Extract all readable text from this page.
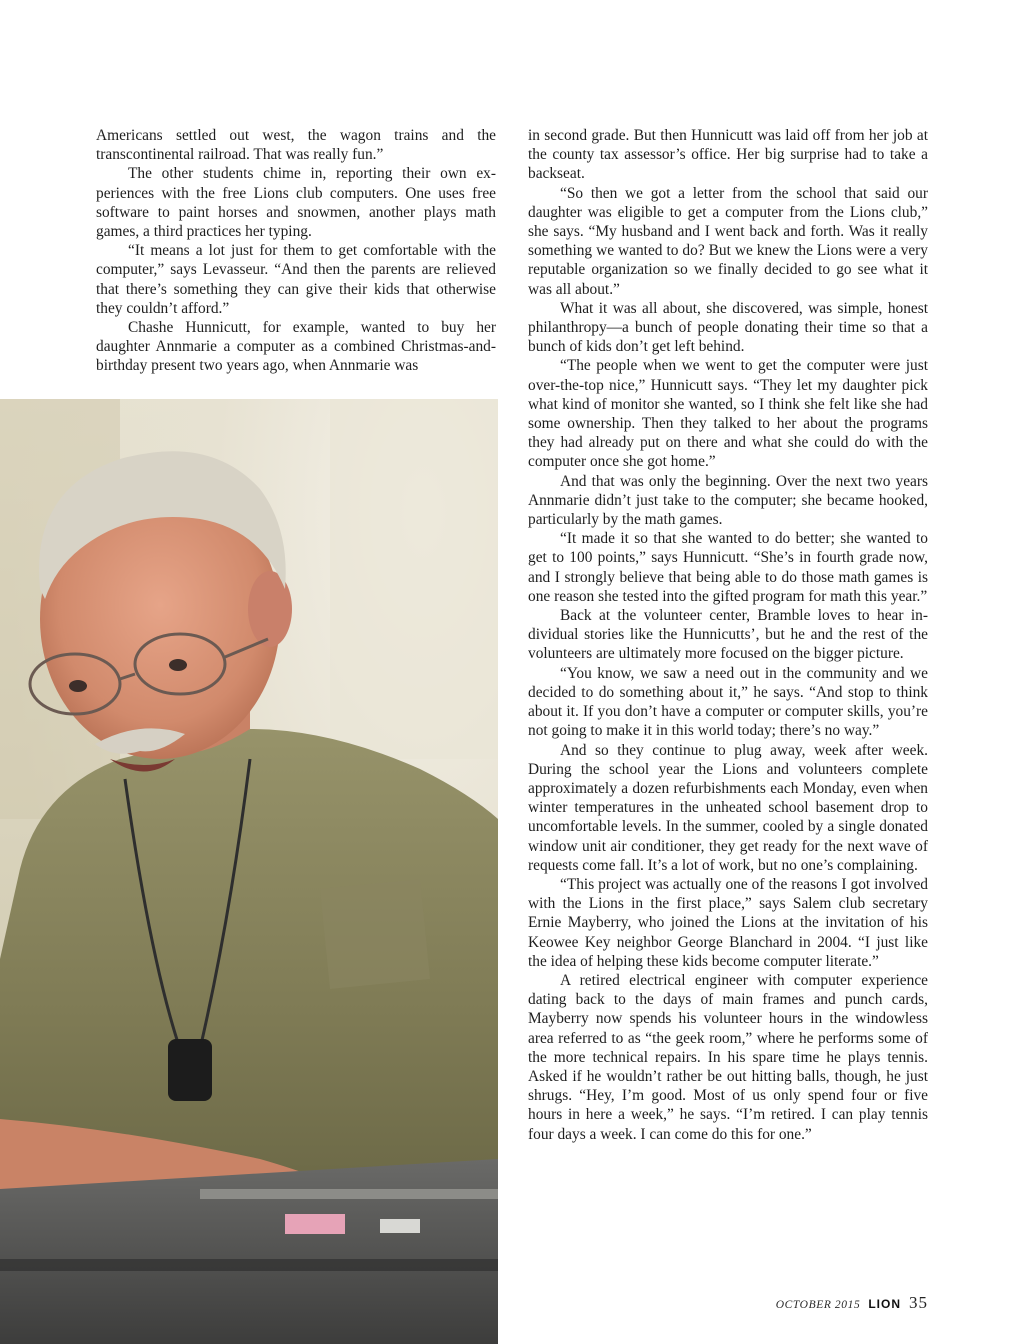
Americans settled out west, the wagon trains and the transcontinental railroad. That was really fun.”

The other students chime in, reporting their own experiences with the free Lions club computers. One uses free software to paint horses and snowmen, another plays math games, a third practices her typing.

“It means a lot just for them to get comfortable with the computer,” says Levasseur. “And then the parents are relieved that there’s something they can give their kids that otherwise they couldn’t afford.”

Chashe Hunnicutt, for example, wanted to buy her daughter Annmarie a computer as a combined Christmas-and-birthday present two years ago, when Annmarie was

in second grade. But then Hunnicutt was laid off from her job at the county tax assessor’s office. Her big surprise had to take a backseat.

“So then we got a letter from the school that said our daughter was eligible to get a computer from the Lions club,” she says. “My husband and I went back and forth. Was it really something we wanted to do? But we knew the Lions were a very reputable organization so we finally decided to go see what it was all about.”

What it was all about, she discovered, was simple, honest philanthropy—a bunch of people donating their time so that a bunch of kids don’t get left behind.

“The people when we went to get the computer were just over-the-top nice,” Hunnicutt says. “They let my daughter pick what kind of monitor she wanted, so I think she felt like she had some ownership. Then they talked to her about the programs they had already put on there and what she could do with the computer once she got home.”

And that was only the beginning. Over the next two years Annmarie didn’t just take to the computer; she became hooked, particularly by the math games.

“It made it so that she wanted to do better; she wanted to get to 100 points,” says Hunnicutt. “She’s in fourth grade now, and I strongly believe that being able to do those math games is one reason she tested into the gifted program for math this year.”

Back at the volunteer center, Bramble loves to hear individual stories like the Hunnicutts’, but he and the rest of the volunteers are ultimately more focused on the bigger picture.

“You know, we saw a need out in the community and we decided to do something about it,” he says. “And stop to think about it. If you don’t have a computer or computer skills, you’re not going to make it in this world today; there’s no way.”

And so they continue to plug away, week after week. During the school year the Lions and volunteers complete approximately a dozen refurbishments each Monday, even when winter temperatures in the unheated school basement drop to uncomfortable levels. In the summer, cooled by a single donated window unit air conditioner, they get ready for the next wave of requests come fall. It’s a lot of work, but no one’s complaining.

“This project was actually one of the reasons I got involved with the Lions in the first place,” says Salem club secretary Ernie Mayberry, who joined the Lions at the invitation of his Keowee Key neighbor George Blanchard in 2004. “I just like the idea of helping these kids become computer literate.”

A retired electrical engineer with computer experience dating back to the days of main frames and punch cards, Mayberry now spends his volunteer hours in the windowless area referred to as “the geek room,” where he performs some of the more technical repairs. In his spare time he plays tennis. Asked if he wouldn’t rather be out hitting balls, though, he just shrugs. “Hey, I’m good. Most of us only spend four or five hours in here a week,” he says. “I’m retired. I can play tennis four days a week. I can come do this for one.”

OCTOBER 2015 LION 35
